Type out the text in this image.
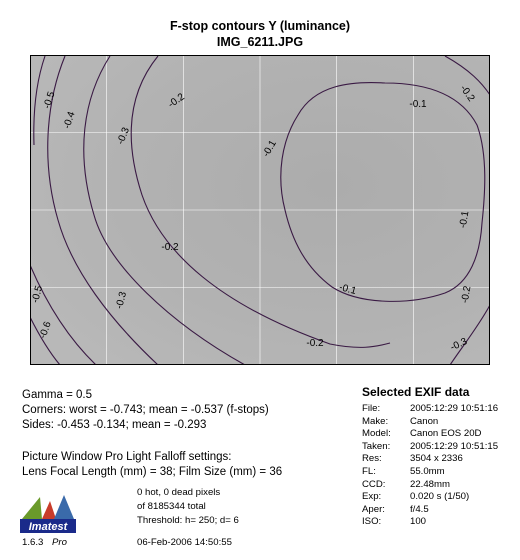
F-stop contours Y (luminance)
IMG_6211.JPG
-0.5
-0.4
-0.3
-0.2	-0.1
-0.1
-0.2
-0.1
-0.2
-0.1
-0.2
-0.3
-0.5
-0.6
-0.2
-0.3
Gamma = 0.5
Corners: worst = -0.743; mean = -0.537 (f-stops)
Sides: -0.453 -0.134; mean = -0.293
Picture Window Pro Light Falloff settings:
Lens Focal Length (mm) = 38; Film Size (mm) = 36
0 hot, 0 dead pixels
of 8185344 total
Threshold: h= 250; d= 6
06-Feb-2006 14:50:55
Imatest
1.6.3 Pro
Selected EXIF data
File:	2005:12:29 10:51:16
Make: Canon
Model: Canon EOS 20D
Taken: 2005:12:29 10:51:15
Res:	3504 x 2336
FL:	55.0mm
CCD:	22.48mm
Exp:	0.020 s (1/50)
Aper:	f/4.5
ISO:	100
